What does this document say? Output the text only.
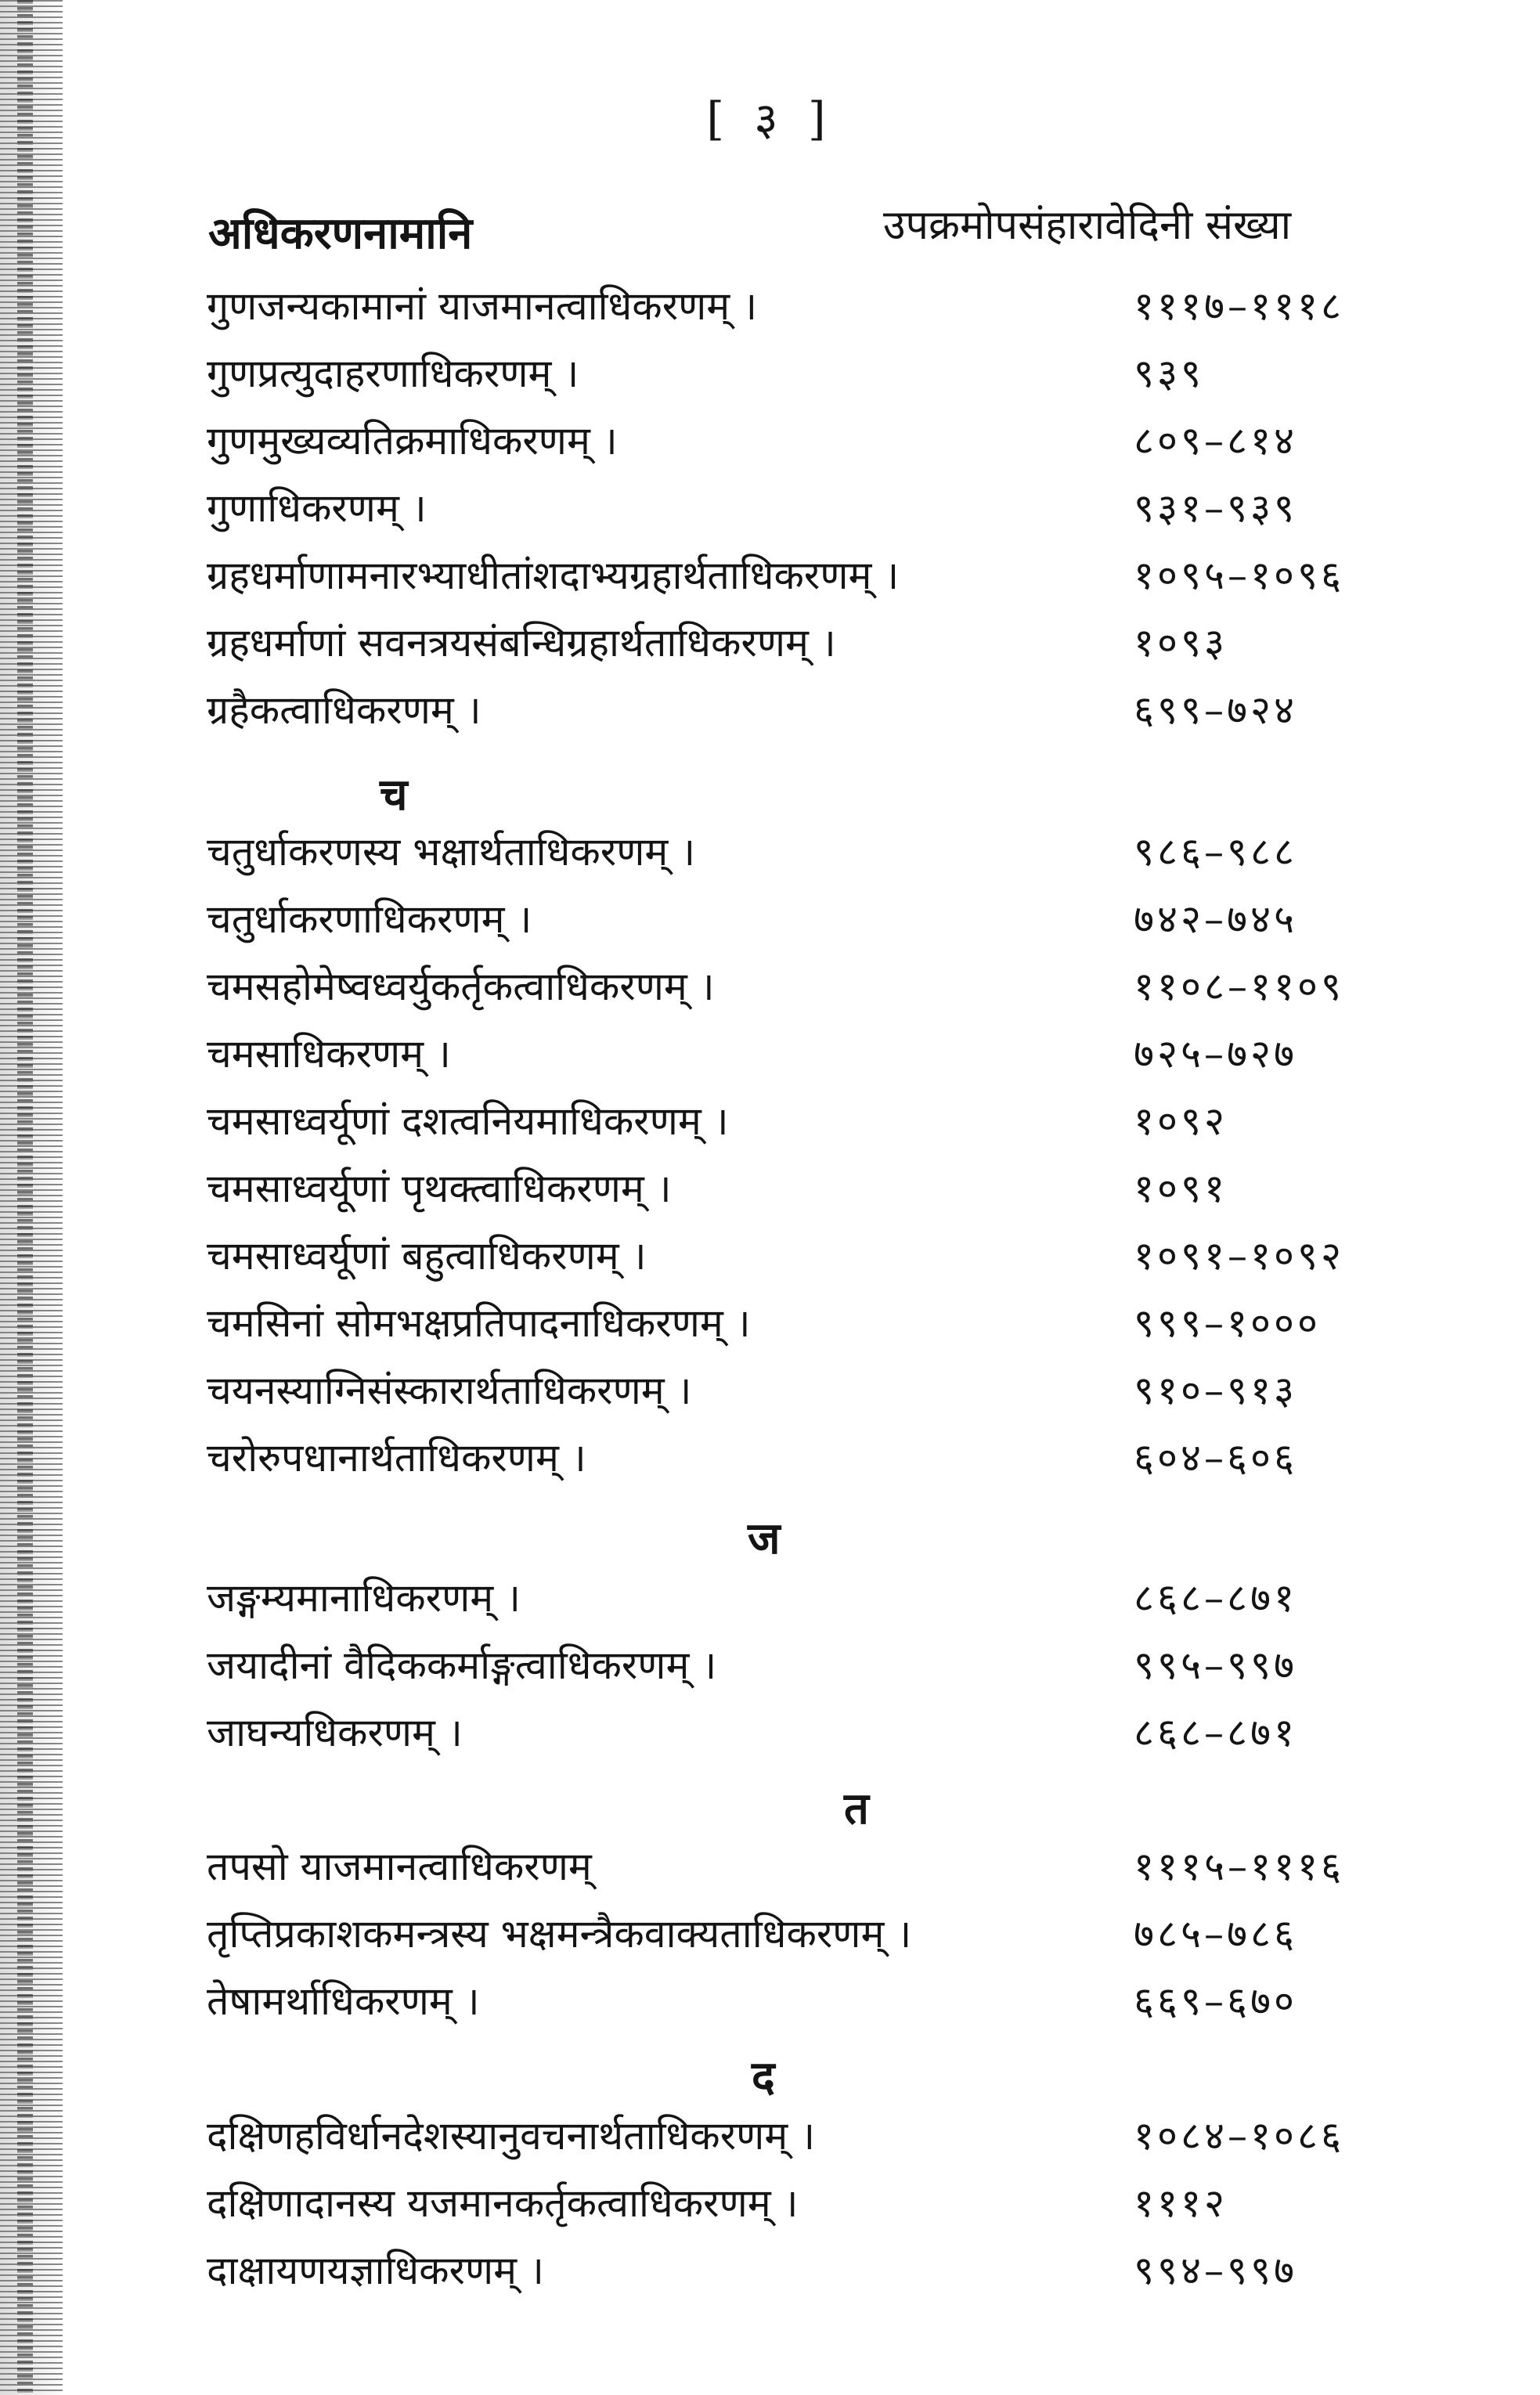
[ ३ ]
अधिकरणनामानि	उपक्रमोपसंहारावेदिनी संख्या
गुणजन्यकामानां याजमानत्वाधिकरणम् ।	१११७–१११८
गुणप्रत्युदाहरणाधिकरणम् ।	९३९
गुणमुख्यव्यतिक्रमाधिकरणम् ।	८०९–८१४
गुणाधिकरणम् ।	९३१–९३९
ग्रहधर्माणामनारभ्याधीतांशदाभ्यग्रहार्थताधिकरणम् ।	१०९५–१०९६
ग्रहधर्माणां सवनत्रयसंबन्धिग्रहार्थताधिकरणम् ।	१०९३
ग्रहैकत्वाधिकरणम् ।	६९९–७२४
च
चतुर्धाकरणस्य भक्षार्थताधिकरणम् ।	९८६–९८८
चतुर्धाकरणाधिकरणम् ।	७४२–७४५
चमसहोमेष्वध्वर्युकर्तृकत्वाधिकरणम् ।	११०८–११०९
चमसाधिकरणम् ।	७२५–७२७
चमसाध्वर्यूणां दशत्वनियमाधिकरणम् ।	१०९२
चमसाध्वर्यूणां पृथक्त्वाधिकरणम् ।	१०९१
चमसाध्वर्यूणां बहुत्वाधिकरणम् ।	१०९१–१०९२
चमसिनां सोमभक्षप्रतिपादनाधिकरणम् ।	९९९–१०००
चयनस्याग्निसंस्कारार्थताधिकरणम् ।	९१०–९१३
चरोरुपधानार्थताधिकरणम् ।	६०४–६०६
ज
जङ्गम्यमानाधिकरणम् ।	८६८–८७१
जयादीनां वैदिककर्माङ्गत्वाधिकरणम् ।	९९५–९९७
जाघन्यधिकरणम् ।	८६८–८७१
त
तपसो याजमानत्वाधिकरणम्	१११५–१११६
तृप्तिप्रकाशकमन्त्रस्य भक्षमन्त्रैकवाक्यताधिकरणम् ।	७८५–७८६
तेषामर्थाधिकरणम् ।	६६९–६७०
द
दक्षिणहविर्धानदेशस्यानुवचनार्थताधिकरणम् ।	१०८४–१०८६
दक्षिणादानस्य यजमानकर्तृकत्वाधिकरणम् ।	१११२
दाक्षायणयज्ञाधिकरणम् ।	९९४–९९७
